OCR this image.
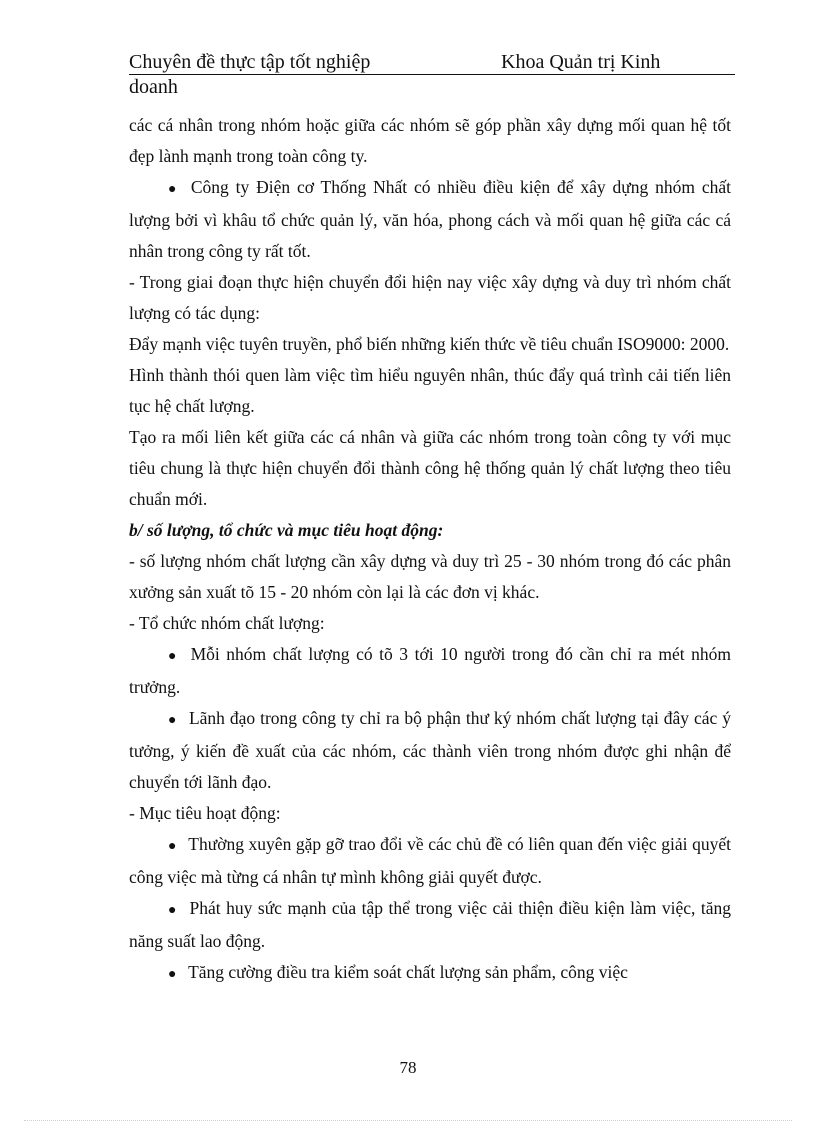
Chuyên đề thực tập tốt nghiệp	Khoa Quản trị Kinh
doanh

các cá nhân trong nhóm hoặc giữa các nhóm sẽ góp phần xây dựng mối quan hệ tốt đẹp lành mạnh trong toàn công ty.

● Công ty Điện cơ Thống Nhất có nhiều điều kiện để xây dựng nhóm chất lượng bởi vì khâu tổ chức quản lý, văn hóa, phong cách và mối quan hệ giữa các cá nhân trong công ty rất tốt.

- Trong giai đoạn thực hiện chuyển đổi hiện nay việc xây dựng và duy trì nhóm chất lượng có tác dụng:

Đẩy mạnh việc tuyên truyền, phổ biến những kiến thức về tiêu chuẩn ISO9000: 2000.

Hình thành thói quen làm việc tìm hiểu nguyên nhân, thúc đẩy quá trình cải tiến liên tục hệ chất lượng.

Tạo ra mối liên kết giữa các cá nhân và giữa các nhóm trong toàn công ty với mục tiêu chung là thực hiện chuyển đổi thành công hệ thống quản lý chất lượng theo tiêu chuẩn mới.

b/ số lượng, tổ chức và mục tiêu hoạt động:

- số lượng nhóm chất lượng cần xây dựng và duy trì 25 - 30 nhóm trong đó các phân xưởng sản xuất tõ 15 - 20 nhóm còn lại là các đơn vị khác.

- Tổ chức nhóm chất lượng:

● Mỗi nhóm chất lượng có tõ 3 tới 10 người trong đó cần chỉ ra mét nhóm trưởng.

● Lãnh đạo trong công ty chỉ ra bộ phận thư ký nhóm chất lượng tại đây các ý tưởng, ý kiến đề xuất của các nhóm, các thành viên trong nhóm được ghi nhận để chuyển tới lãnh đạo.

- Mục tiêu hoạt động:

● Thường xuyên gặp gỡ trao đổi về các chủ đề có liên quan đến việc giải quyết công việc mà từng cá nhân tự mình không giải quyết được.

● Phát huy sức mạnh của tập thể trong việc cải thiện điều kiện làm việc, tăng năng suất lao động.

● Tăng cường điều tra kiểm soát chất lượng sản phẩm, công việc

78
